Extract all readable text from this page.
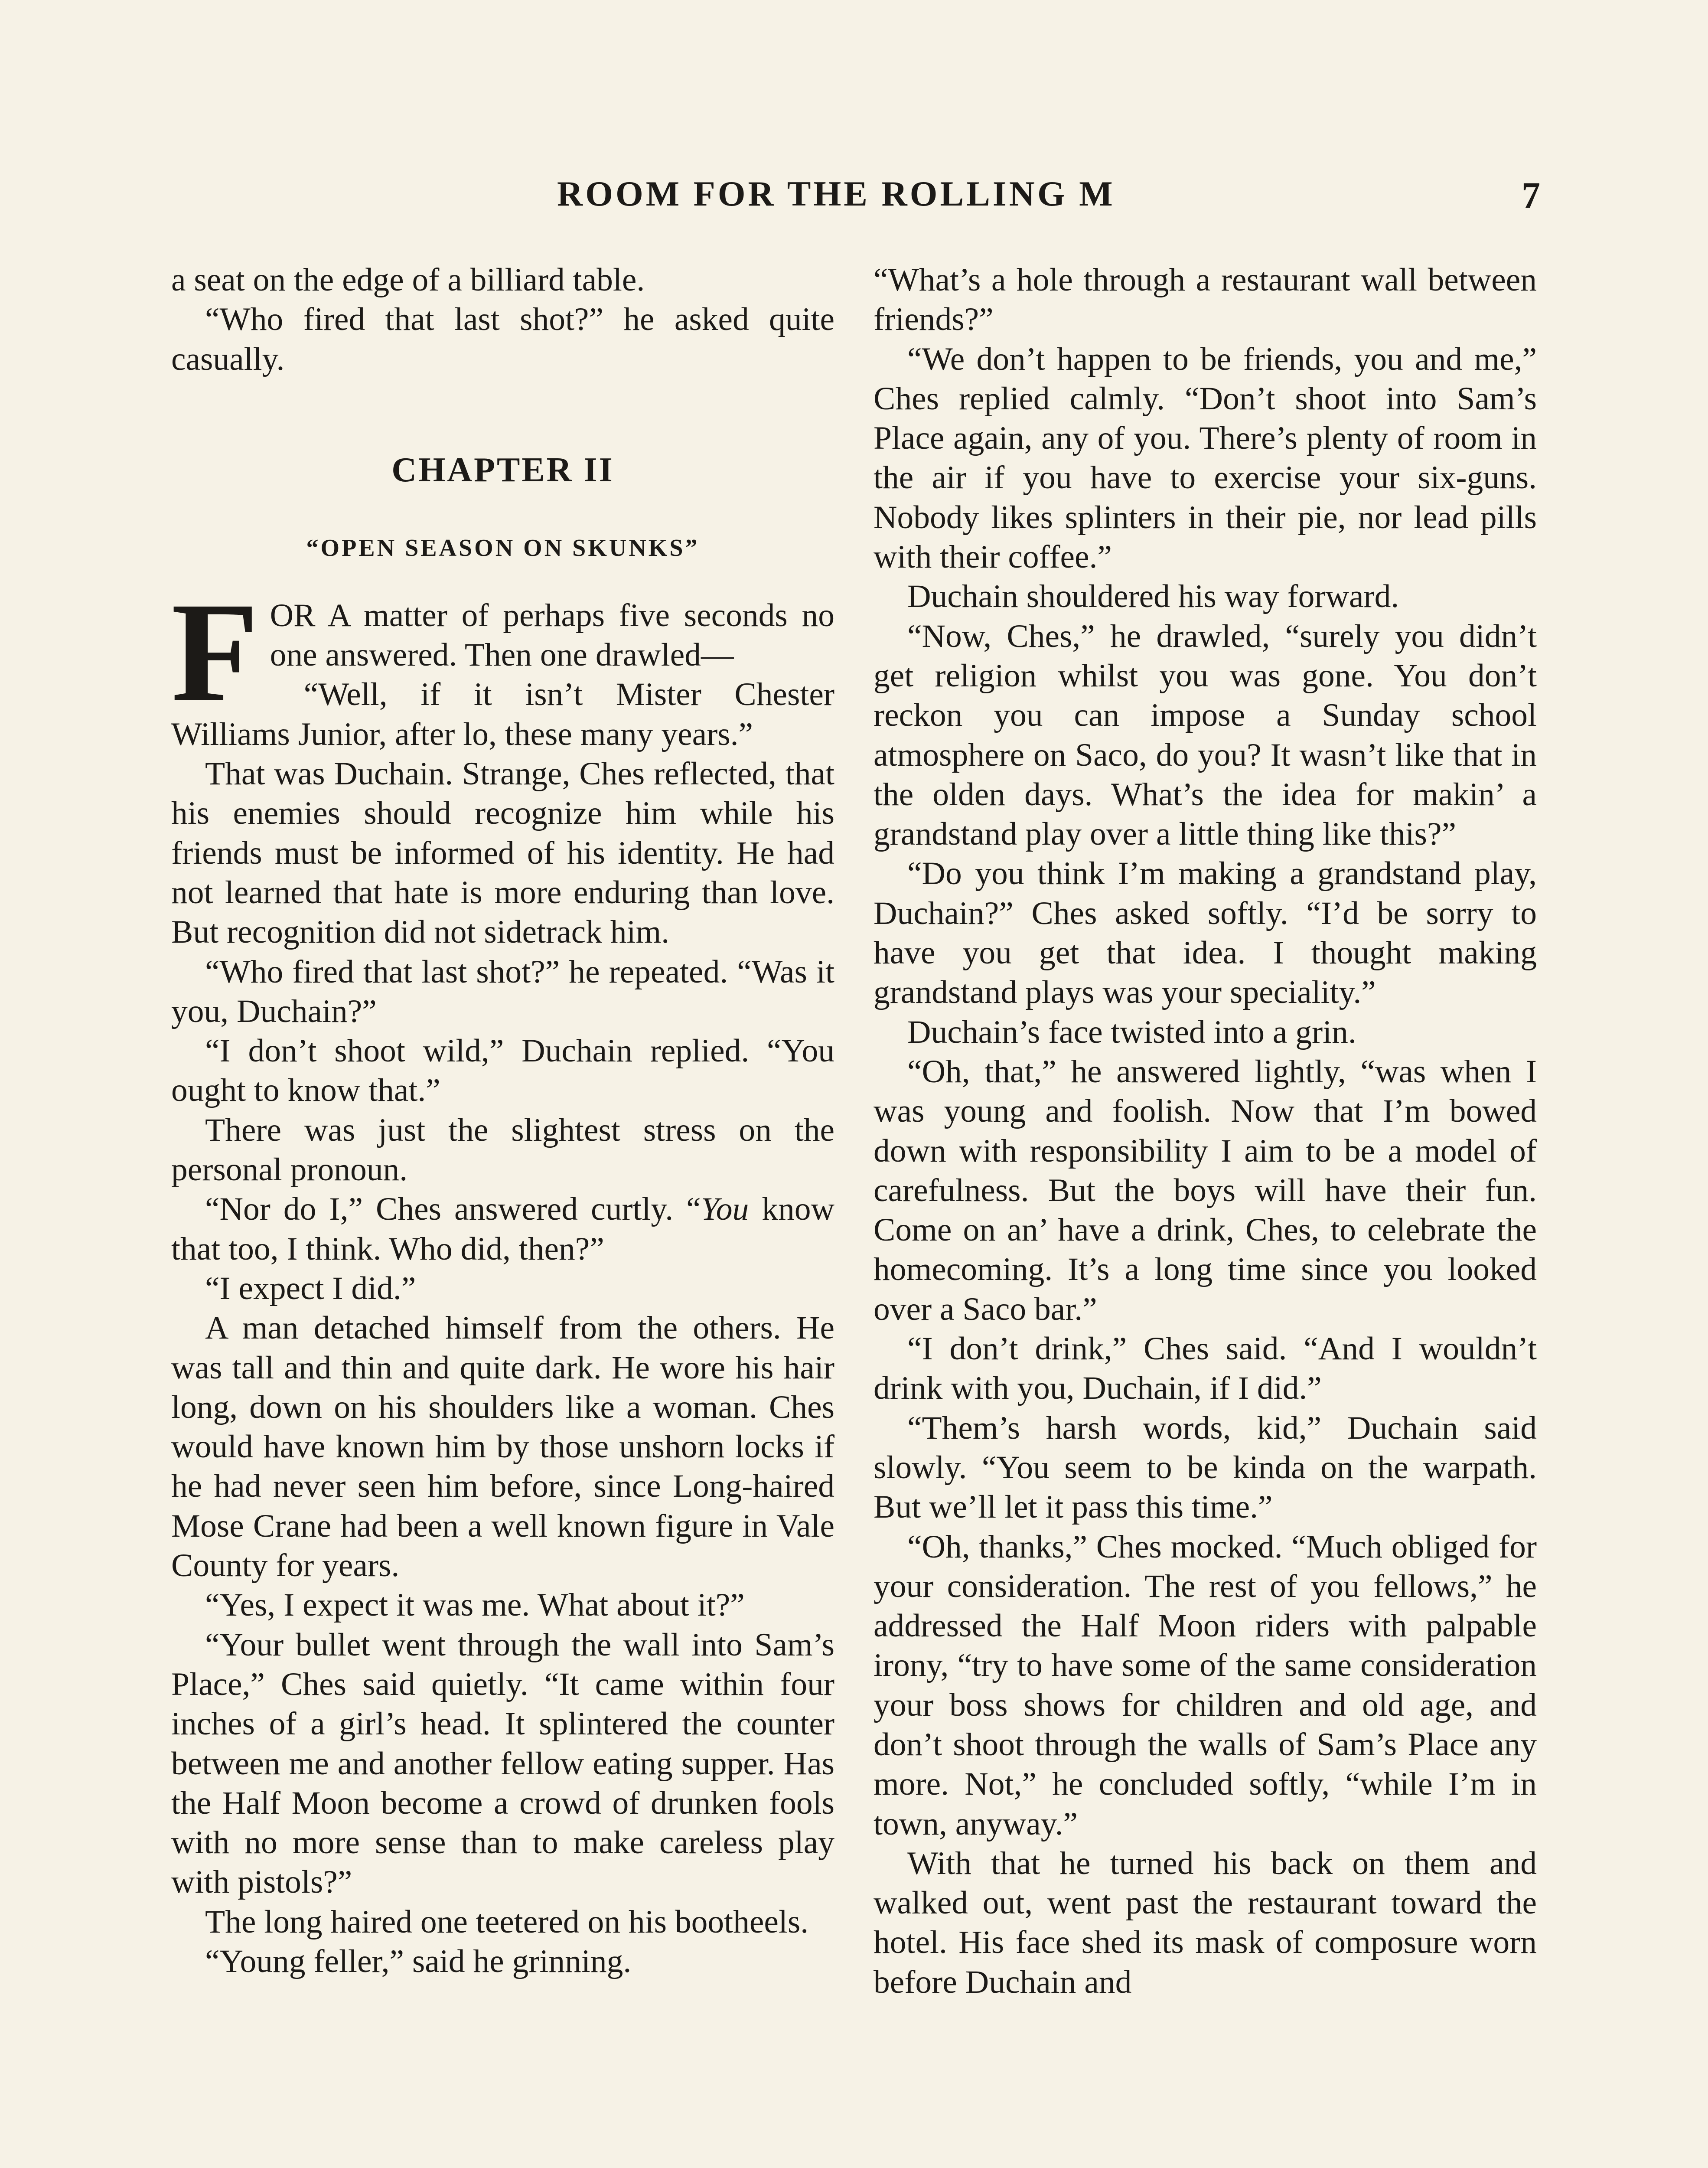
ROOM FOR THE ROLLING M	7

a seat on the edge of a billiard table.

“Who fired that last shot?” he asked quite casually.

CHAPTER II
“OPEN SEASON ON SKUNKS”

FOR A matter of perhaps five seconds no one answered. Then one drawled—

“Well, if it isn’t Mister Chester Williams Junior, after lo, these many years.”

That was Duchain. Strange, Ches reflected, that his enemies should recognize him while his friends must be informed of his identity. He had not learned that hate is more enduring than love. But recognition did not sidetrack him.

“Who fired that last shot?” he repeated. “Was it you, Duchain?”

“I don’t shoot wild,” Duchain replied. “You ought to know that.”

There was just the slightest stress on the personal pronoun.

“Nor do I,” Ches answered curtly. “You know that too, I think. Who did, then?”

“I expect I did.”

A man detached himself from the others. He was tall and thin and quite dark. He wore his hair long, down on his shoulders like a woman. Ches would have known him by those unshorn locks if he had never seen him before, since Long-haired Mose Crane had been a well known figure in Vale County for years.

“Yes, I expect it was me. What about it?”

“Your bullet went through the wall into Sam’s Place,” Ches said quietly. “It came within four inches of a girl’s head. It splintered the counter between me and another fellow eating supper. Has the Half Moon become a crowd of drunken fools with no more sense than to make careless play with pistols?”

The long haired one teetered on his bootheels.

“Young feller,” said he grinning.

“What’s a hole through a restaurant wall between friends?”

“We don’t happen to be friends, you and me,” Ches replied calmly. “Don’t shoot into Sam’s Place again, any of you. There’s plenty of room in the air if you have to exercise your six-guns. Nobody likes splinters in their pie, nor lead pills with their coffee.”

Duchain shouldered his way forward.

“Now, Ches,” he drawled, “surely you didn’t get religion whilst you was gone. You don’t reckon you can impose a Sunday school atmosphere on Saco, do you? It wasn’t like that in the olden days. What’s the idea for makin’ a grandstand play over a little thing like this?”

“Do you think I’m making a grandstand play, Duchain?” Ches asked softly. “I’d be sorry to have you get that idea. I thought making grandstand plays was your speciality.”

Duchain’s face twisted into a grin.

“Oh, that,” he answered lightly, “was when I was young and foolish. Now that I’m bowed down with responsibility I aim to be a model of carefulness. But the boys will have their fun. Come on an’ have a drink, Ches, to celebrate the homecoming. It’s a long time since you looked over a Saco bar.”

“I don’t drink,” Ches said. “And I wouldn’t drink with you, Duchain, if I did.”

“Them’s harsh words, kid,” Duchain said slowly. “You seem to be kinda on the warpath. But we’ll let it pass this time.”

“Oh, thanks,” Ches mocked. “Much obliged for your consideration. The rest of you fellows,” he addressed the Half Moon riders with palpable irony, “try to have some of the same consideration your boss shows for children and old age, and don’t shoot through the walls of Sam’s Place any more. Not,” he concluded softly, “while I’m in town, anyway.”

With that he turned his back on them and walked out, went past the restaurant toward the hotel. His face shed its mask of composure worn before Duchain and
